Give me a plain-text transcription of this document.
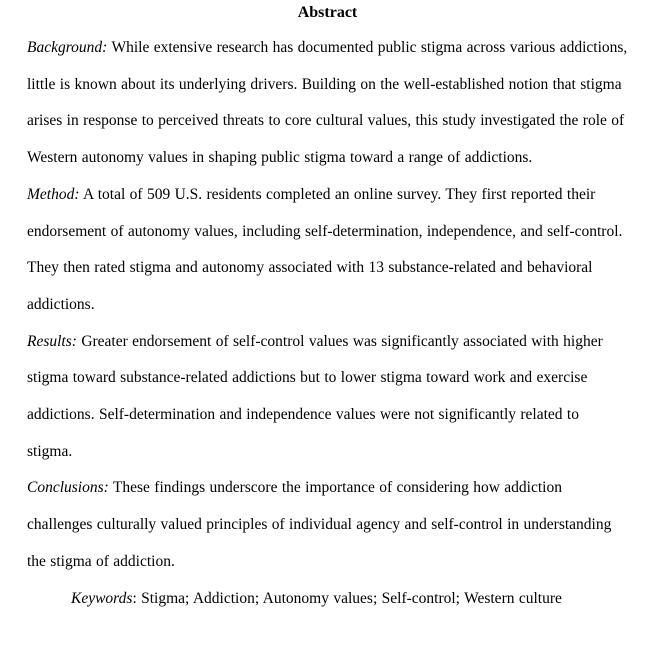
Abstract

Background: While extensive research has documented public stigma across various addictions, little is known about its underlying drivers. Building on the well-established notion that stigma arises in response to perceived threats to core cultural values, this study investigated the role of Western autonomy values in shaping public stigma toward a range of addictions.

Method: A total of 509 U.S. residents completed an online survey. They first reported their endorsement of autonomy values, including self-determination, independence, and self-control. They then rated stigma and autonomy associated with 13 substance-related and behavioral addictions.

Results: Greater endorsement of self-control values was significantly associated with higher stigma toward substance-related addictions but to lower stigma toward work and exercise addictions. Self-determination and independence values were not significantly related to stigma.

Conclusions: These findings underscore the importance of considering how addiction challenges culturally valued principles of individual agency and self-control in understanding the stigma of addiction.

Keywords: Stigma; Addiction; Autonomy values; Self-control; Western culture
